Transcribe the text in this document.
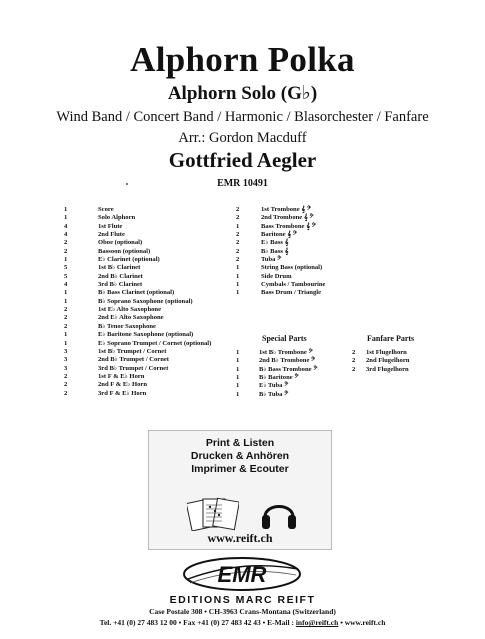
Alphorn Polka
Alphorn Solo (G♭)
Wind Band / Concert Band / Harmonic / Blasorchester / Fanfare
Arr.: Gordon Macduff
Gottfried Aegler
EMR 10491
1	Score
1	Solo Alphorn
4	1st Flute
4	2nd Flute
2	Oboe (optional)
2	Bassoon (optional)
1	E♭ Clarinet (optional)
5	1st B♭ Clarinet
5	2nd B♭ Clarinet
4	3rd B♭ Clarinet
1	B♭ Bass Clarinet (optional)
1	B♭ Soprano Saxophone (optional)
2	1st E♭ Alto Saxophone
2	2nd E♭ Alto Saxophone
2	B♭ Tenor Saxophone
1	E♭ Baritone Saxophone (optional)
1	E♭ Soprano Trumpet / Cornet (optional)
3	1st B♭ Trumpet / Cornet
3	2nd B♭ Trumpet / Cornet
3	3rd B♭ Trumpet / Cornet
2	1st F & E♭ Horn
2	2nd F & E♭ Horn
2	3rd F & E♭ Horn
2	1st Trombone 𝄞 𝄢
2	2nd Trombone 𝄞 𝄢
1	Bass Trombone 𝄞 𝄢
2	Baritone 𝄞 𝄢
2	E♭ Bass 𝄞
2	B♭ Bass 𝄞
2	Tuba 𝄢
1	String Bass (optional)
1	Side Drum
1	Cymbals / Tambourine
1	Bass Drum / Triangle
Special Parts	Fanfare Parts
1	1st B♭ Trombone 𝄢
1	2nd B♭ Trombone 𝄢
1	B♭ Bass Trombone 𝄢
1	B♭ Baritone 𝄢
1	E♭ Tuba 𝄢
1	B♭ Tuba 𝄢
2	1st Flugelhorn
2	2nd Flugelhorn
2	3rd Flugelhorn
Print & Listen
Drucken & Anhören
Imprimer & Ecouter
www.reift.ch
EMR
EDITIONS MARC REIFT
Case Postale 308 • CH-3963 Crans-Montana (Switzerland)
Tel. +41 (0) 27 483 12 00 • Fax +41 (0) 27 483 42 43 • E-Mail : info@reift.ch • www.reift.ch
